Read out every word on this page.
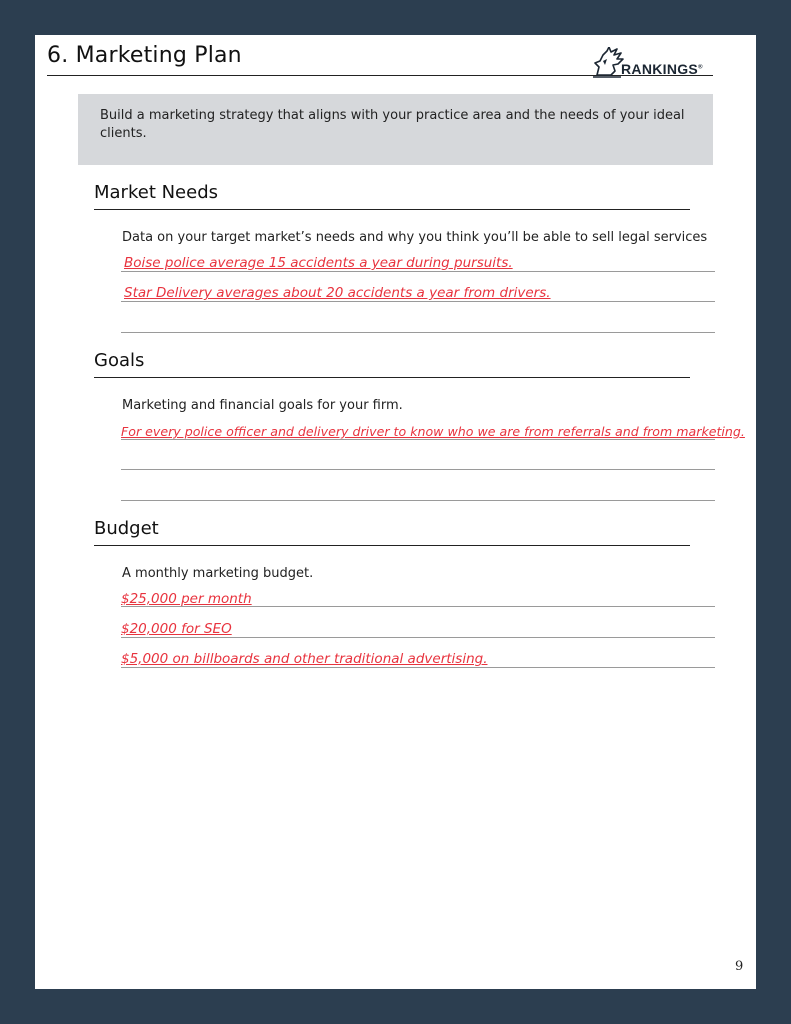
6. Marketing Plan
RANKINGS®
Build a marketing strategy that aligns with your practice area and the needs of your ideal clients.
Market Needs
Data on your target market’s needs and why you think you’ll be able to sell legal services
Boise police average 15 accidents a year during pursuits.
Star Delivery averages about 20 accidents a year from drivers.
Goals
Marketing and financial goals for your firm.
For every police officer and delivery driver to know who we are from referrals and from marketing.
Budget
A monthly marketing budget.
$25,000 per month
$20,000 for SEO
$5,000 on billboards and other traditional advertising.
9
